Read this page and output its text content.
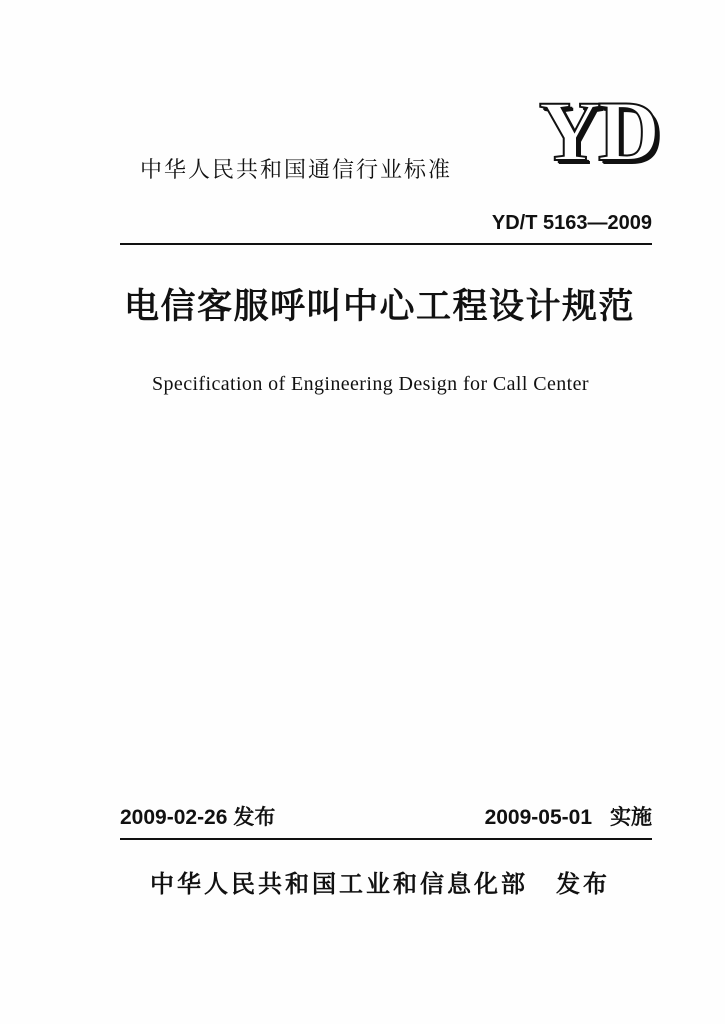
YD
中华人民共和国通信行业标准
YD/T 5163—2009
电信客服呼叫中心工程设计规范
Specification of Engineering Design for Call Center
2009-02-26 发布	2009-05-01 实施
中华人民共和国工业和信息化部 发布
